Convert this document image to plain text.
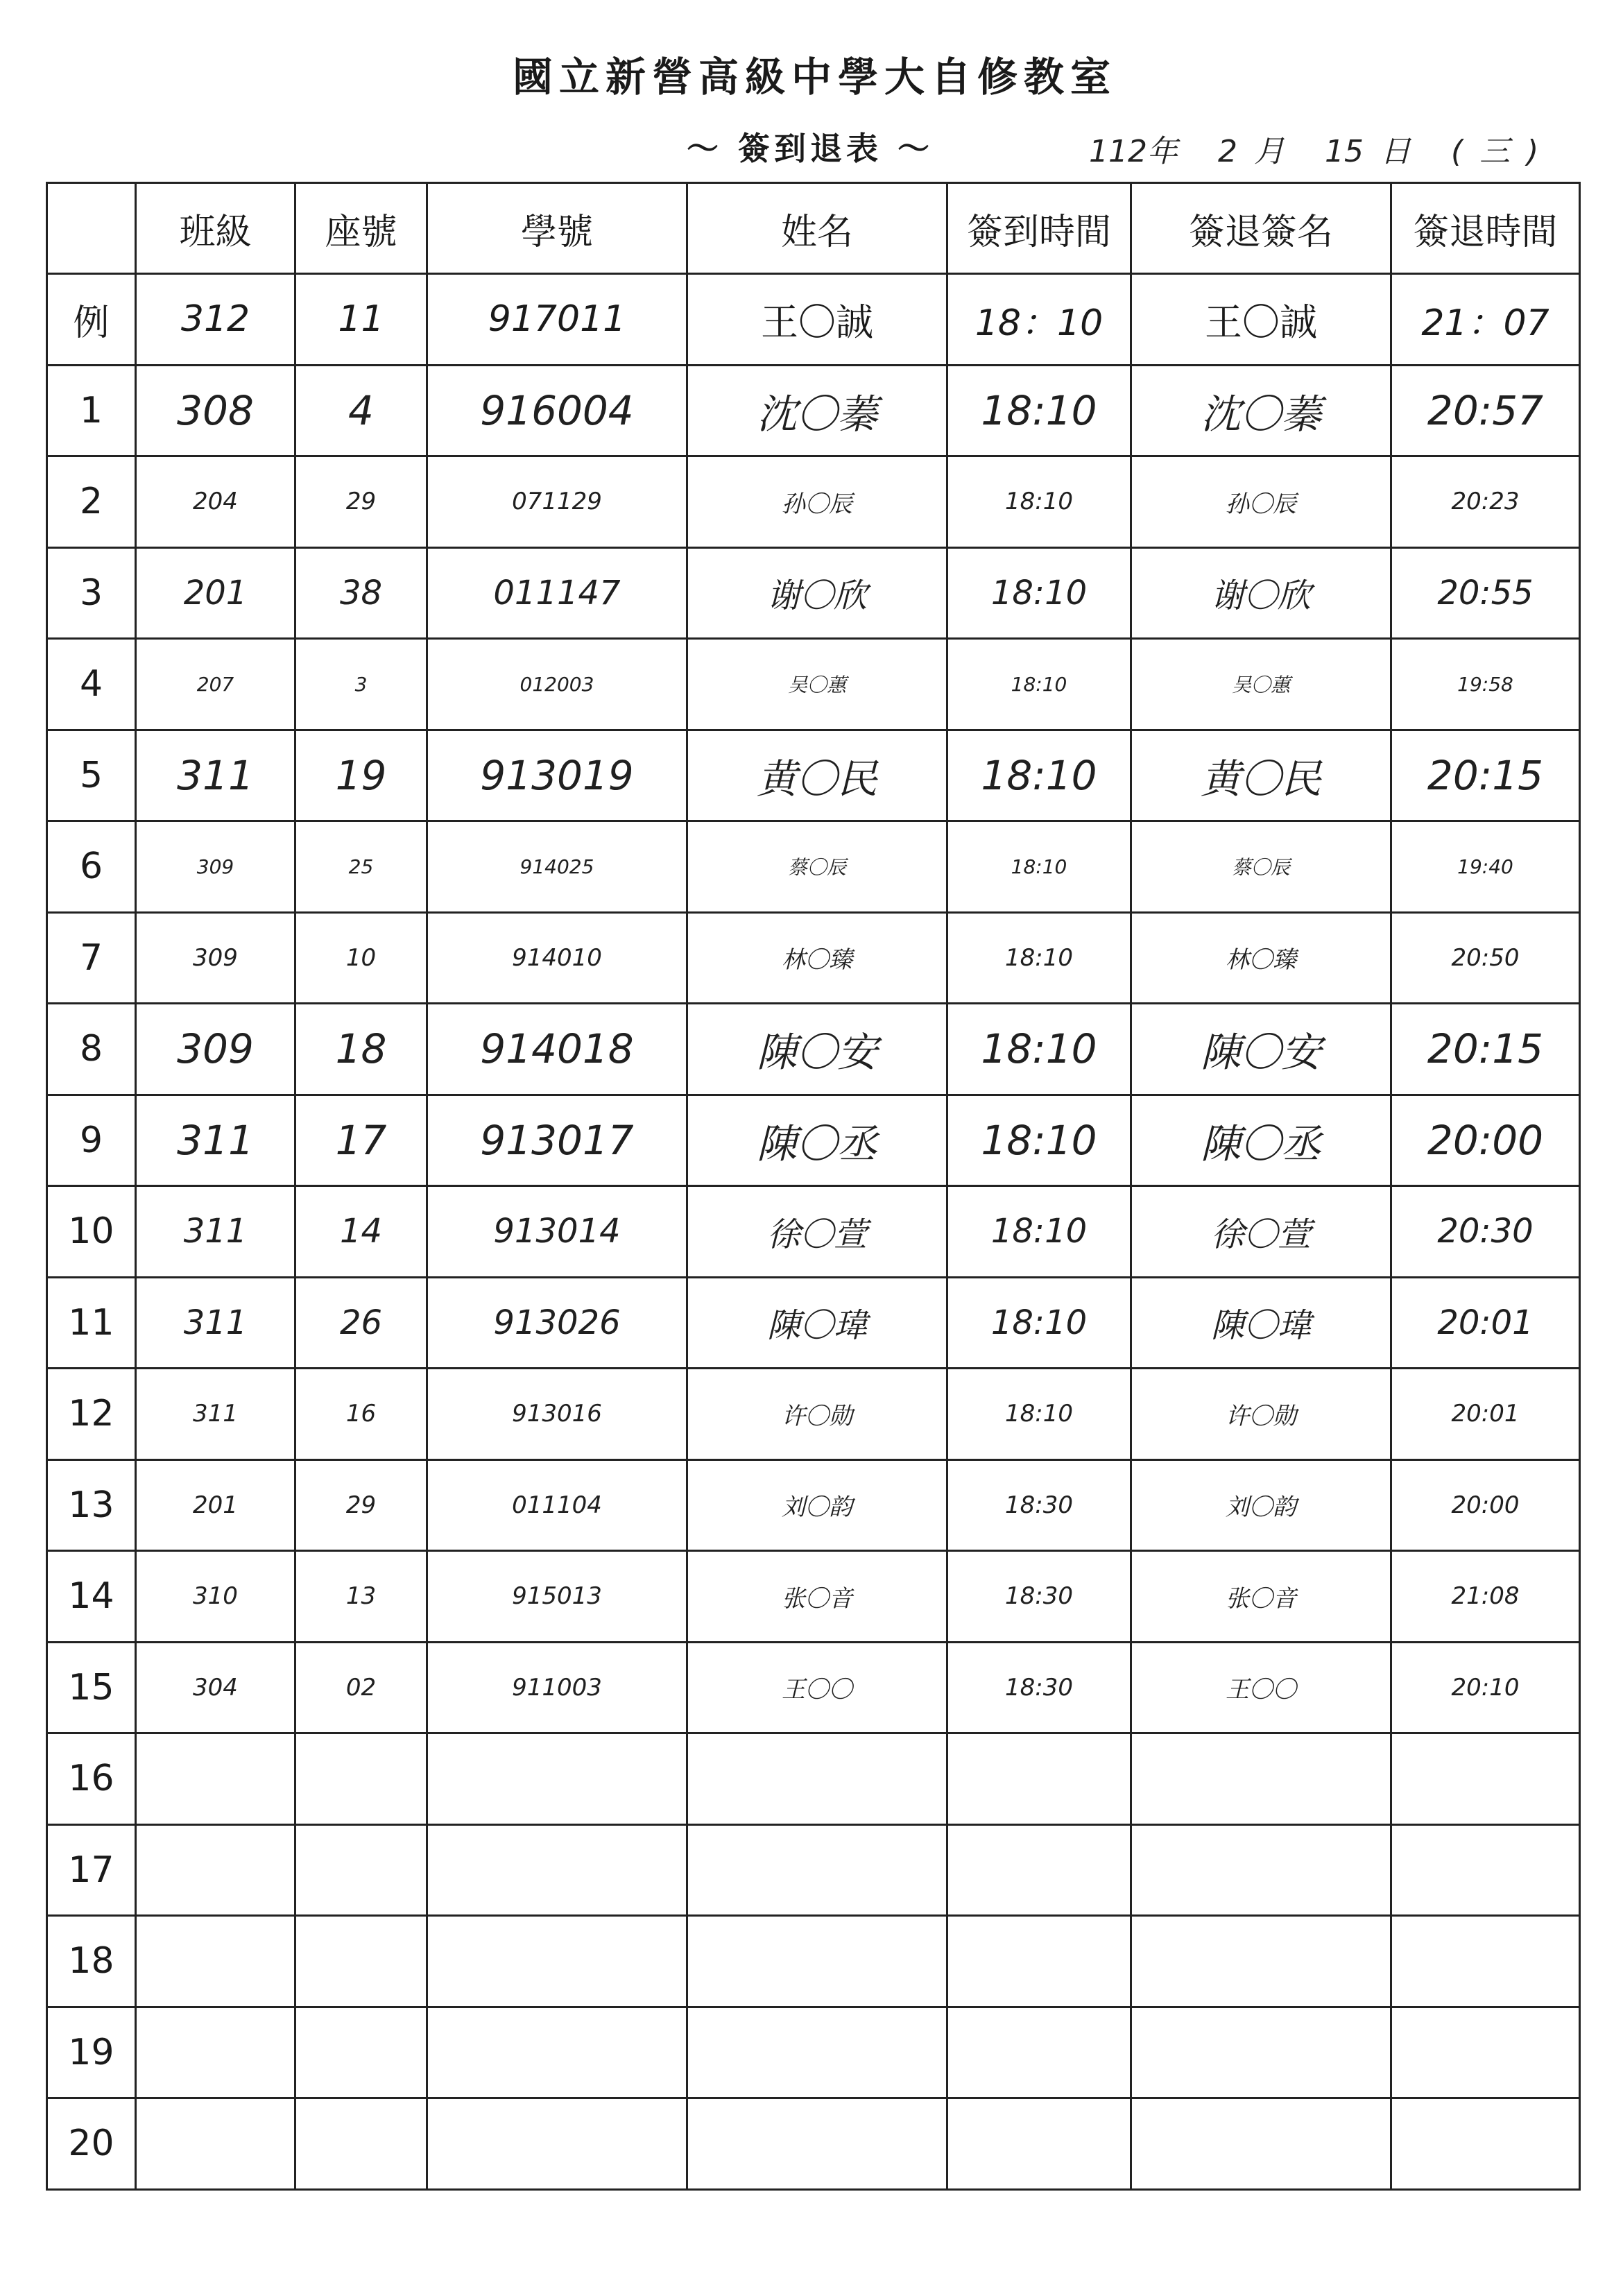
國立新營高級中學大自修教室
～ 簽到退表 ～	112年 2 月 15 日 ( 三 )
	班級	座號	學號	姓名	簽到時間	簽退簽名	簽退時間
例	312	11	917011	王〇誠	18：10	王〇誠	21：07
1	308	4	916004	沈〇蓁	18:10	沈〇蓁	20:57
2	204	29	071129	孙〇辰	18:10	孙〇辰	20:23
3	201	38	011147	谢〇欣	18:10	谢〇欣	20:55
4	207	3	012003	吴〇蕙	18:10	吴〇蕙	19:58
5	311	19	913019	黄〇民	18:10	黄〇民	20:15
6	309	25	914025	蔡〇辰	18:10	蔡〇辰	19:40
7	309	10	914010	林〇臻	18:10	林〇臻	20:50
8	309	18	914018	陳〇安	18:10	陳〇安	20:15
9	311	17	913017	陳〇丞	18:10	陳〇丞	20:00
10	311	14	913014	徐〇萱	18:10	徐〇萱	20:30
11	311	26	913026	陳〇瑋	18:10	陳〇瑋	20:01
12	311	16	913016	许〇勋	18:10	许〇勋	20:01
13	201	29	011104	刘〇韵	18:30	刘〇韵	20:00
14	310	13	915013	张〇音	18:30	张〇音	21:08
15	304	02	911003	王〇〇	18:30	王〇〇	20:10
16							
17							
18							
19							
20							
